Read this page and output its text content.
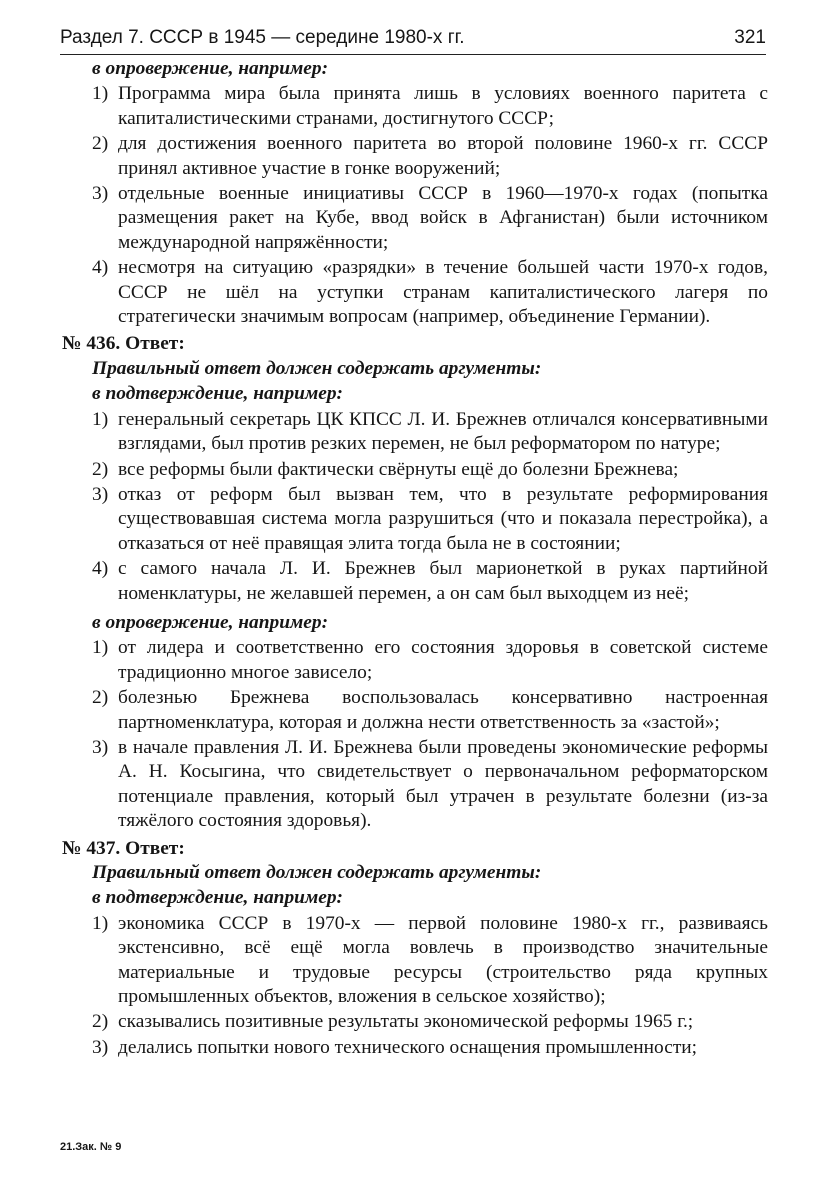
Раздел 7. СССР в 1945 — середине 1980-х гг.	321
в опровержение, например:
1) Программа мира была принята лишь в условиях военного паритета с капиталистическими странами, достигнутого СССР;
2) для достижения военного паритета во второй половине 1960-х гг. СССР принял активное участие в гонке вооружений;
3) отдельные военные инициативы СССР в 1960—1970-х годах (попытка размещения ракет на Кубе, ввод войск в Афганистан) были источником международной напряжённости;
4) несмотря на ситуацию «разрядки» в течение большей части 1970-х годов, СССР не шёл на уступки странам капиталистического лагеря по стратегически значимым вопросам (например, объединение Германии).
№ 436. Ответ:
Правильный ответ должен содержать аргументы:
в подтверждение, например:
1) генеральный секретарь ЦК КПСС Л. И. Брежнев отличался консервативными взглядами, был против резких перемен, не был реформатором по натуре;
2) все реформы были фактически свёрнуты ещё до болезни Брежнева;
3) отказ от реформ был вызван тем, что в результате реформирования существовавшая система могла разрушиться (что и показала перестройка), а отказаться от неё правящая элита тогда была не в состоянии;
4) с самого начала Л. И. Брежнев был марионеткой в руках партийной номенклатуры, не желавшей перемен, а он сам был выходцем из неё;
в опровержение, например:
1) от лидера и соответственно его состояния здоровья в советской системе традиционно многое зависело;
2) болезнью Брежнева воспользовалась консервативно настроенная партноменклатура, которая и должна нести ответственность за «застой»;
3) в начале правления Л. И. Брежнева были проведены экономические реформы А. Н. Косыгина, что свидетельствует о первоначальном реформаторском потенциале правления, который был утрачен в результате болезни (из-за тяжёлого состояния здоровья).
№ 437. Ответ:
Правильный ответ должен содержать аргументы:
в подтверждение, например:
1) экономика СССР в 1970-х — первой половине 1980-х гг., развиваясь экстенсивно, всё ещё могла вовлечь в производство значительные материальные и трудовые ресурсы (строительство ряда крупных промышленных объектов, вложения в сельское хозяйство);
2) сказывались позитивные результаты экономической реформы 1965 г.;
3) делались попытки нового технического оснащения промышленности;
21.Зак. № 9
